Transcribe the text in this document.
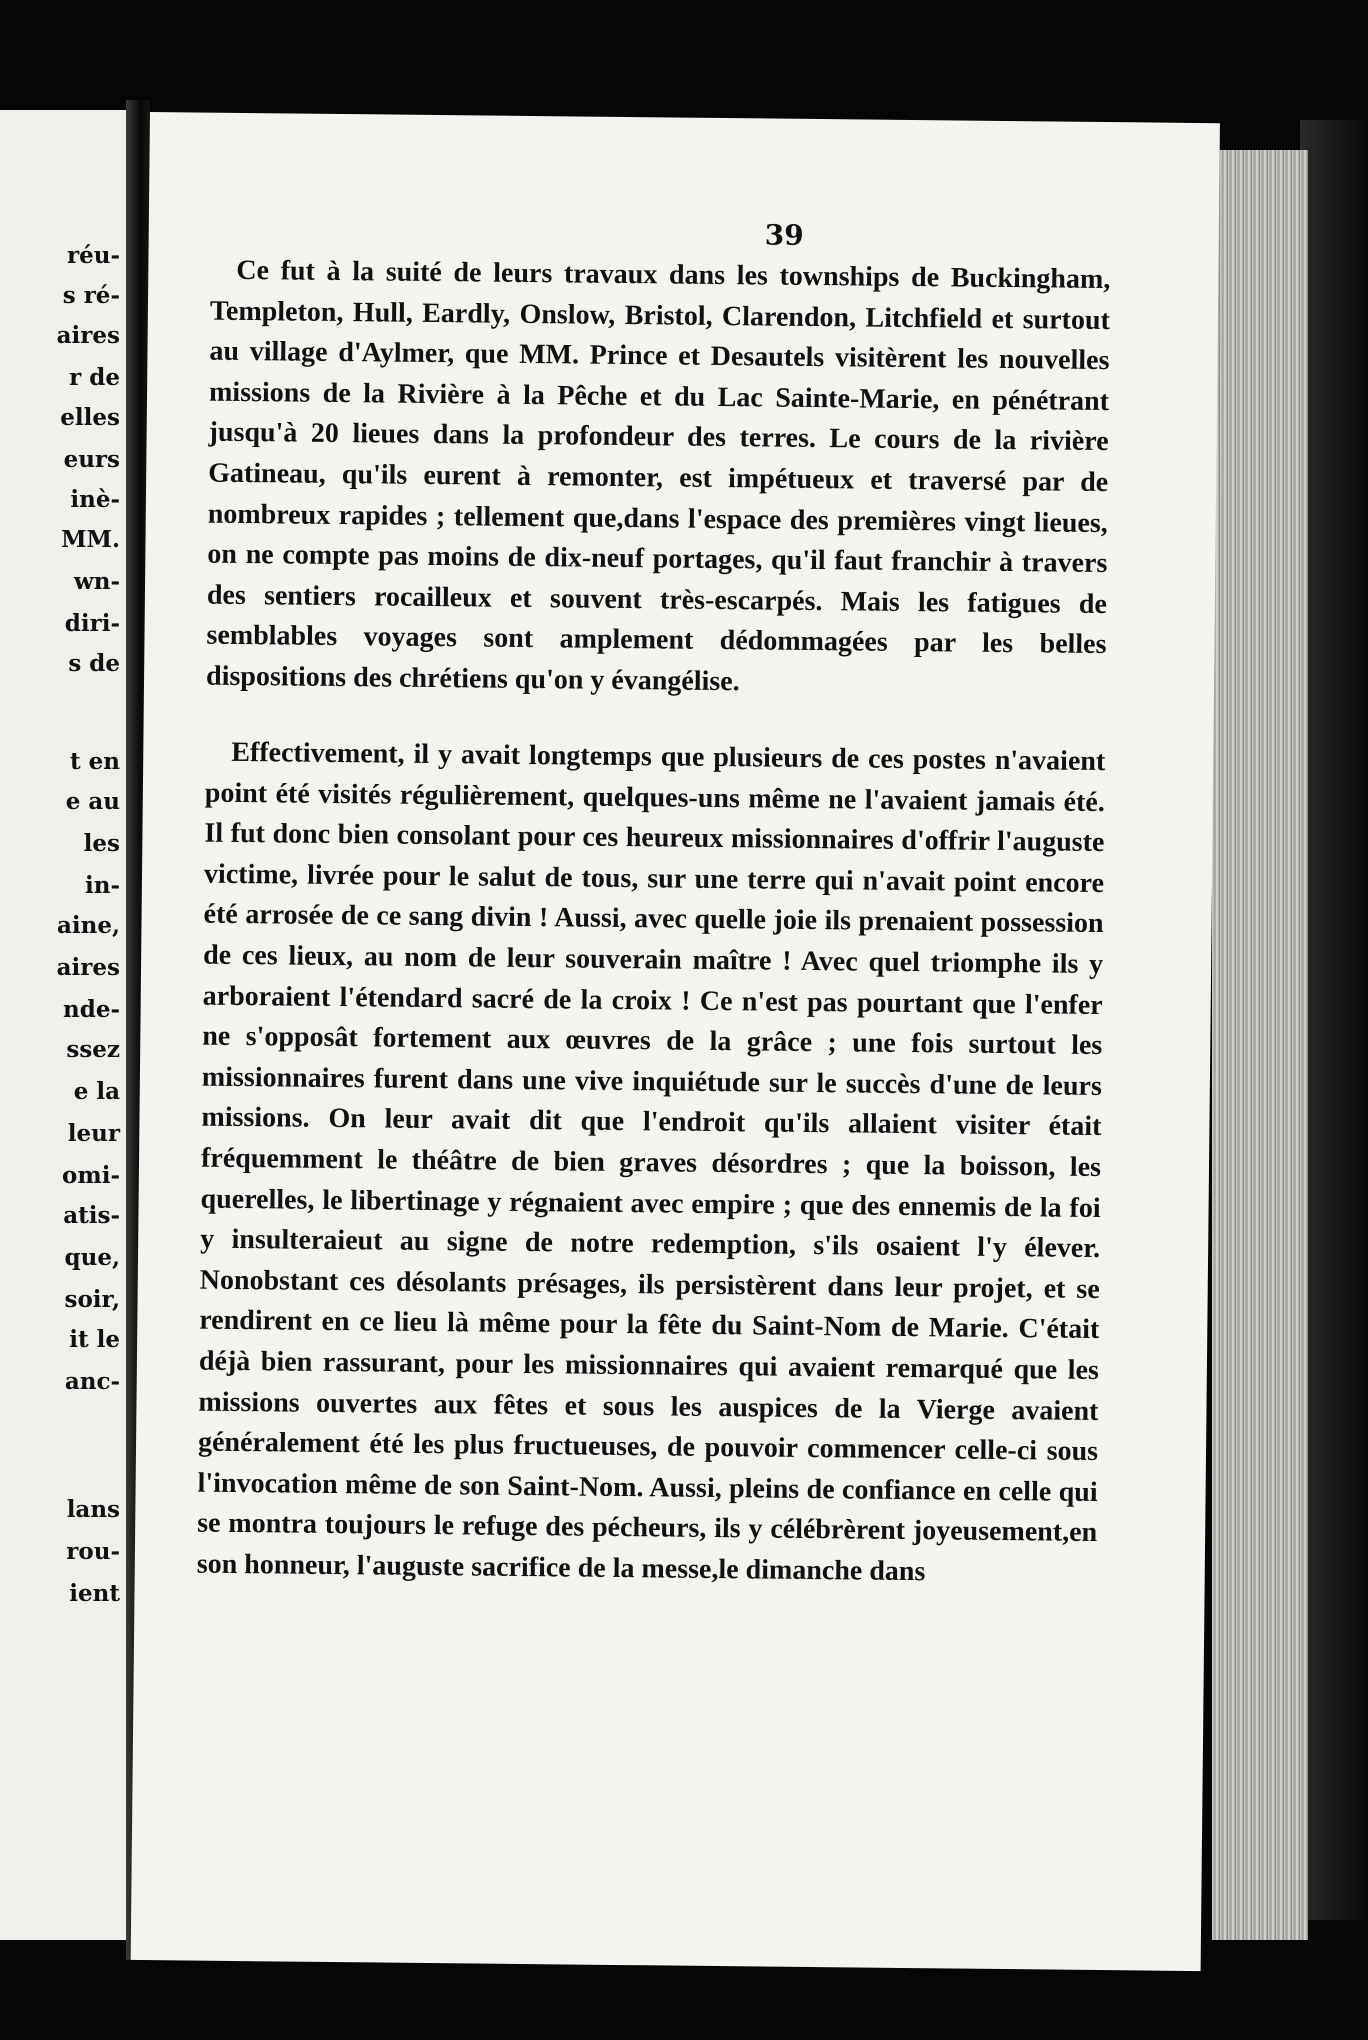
réu-
s ré-
aires
r de
elles
eurs
inè-
MM.
wn-
diri-
s de
t en
e au
les
in-
aine,
aires
nde-
ssez
e la
leur
omi-
atis-
que,
soir,
it le
anc-
lans
rou-
ient
39

Ce fut à la suité de leurs travaux dans les townships de Buckingham, Templeton, Hull, Eardly, Onslow, Bristol, Clarendon, Litchfield et surtout au village d'Aylmer, que MM. Prince et Desautels visitèrent les nouvelles missions de la Rivière à la Pêche et du Lac Sainte-Marie, en pénétrant jusqu'à 20 lieues dans la profondeur des terres. Le cours de la rivière Gatineau, qu'ils eurent à remonter, est impétueux et traversé par de nombreux rapides ; tellement que,dans l'espace des premières vingt lieues, on ne compte pas moins de dix-neuf portages, qu'il faut franchir à travers des sentiers rocailleux et souvent très-escarpés. Mais les fatigues de semblables voyages sont amplement dédommagées par les belles dispositions des chrétiens qu'on y évangélise.

Effectivement, il y avait longtemps que plusieurs de ces postes n'avaient point été visités régulièrement, quelques-uns même ne l'avaient jamais été. Il fut donc bien consolant pour ces heureux missionnaires d'offrir l'auguste victime, livrée pour le salut de tous, sur une terre qui n'avait point encore été arrosée de ce sang divin ! Aussi, avec quelle joie ils prenaient possession de ces lieux, au nom de leur souverain maître ! Avec quel triomphe ils y arboraient l'étendard sacré de la croix ! Ce n'est pas pourtant que l'enfer ne s'opposât fortement aux œuvres de la grâce ; une fois surtout les missionnaires furent dans une vive inquiétude sur le succès d'une de leurs missions. On leur avait dit que l'endroit qu'ils allaient visiter était fréquemment le théâtre de bien graves désordres ; que la boisson, les querelles, le libertinage y régnaient avec empire ; que des ennemis de la foi y insulteraieut au signe de notre redemption, s'ils osaient l'y élever. Nonobstant ces désolants présages, ils persistèrent dans leur projet, et se rendirent en ce lieu là même pour la fête du Saint-Nom de Marie. C'était déjà bien rassurant, pour les missionnaires qui avaient remarqué que les missions ouvertes aux fêtes et sous les auspices de la Vierge avaient généralement été les plus fructueuses, de pouvoir commencer celle-ci sous l'invocation même de son Saint-Nom. Aussi, pleins de confiance en celle qui se montra toujours le refuge des pécheurs, ils y célébrèrent joyeusement,en son honneur, l'auguste sacrifice de la messe,le dimanche dans
